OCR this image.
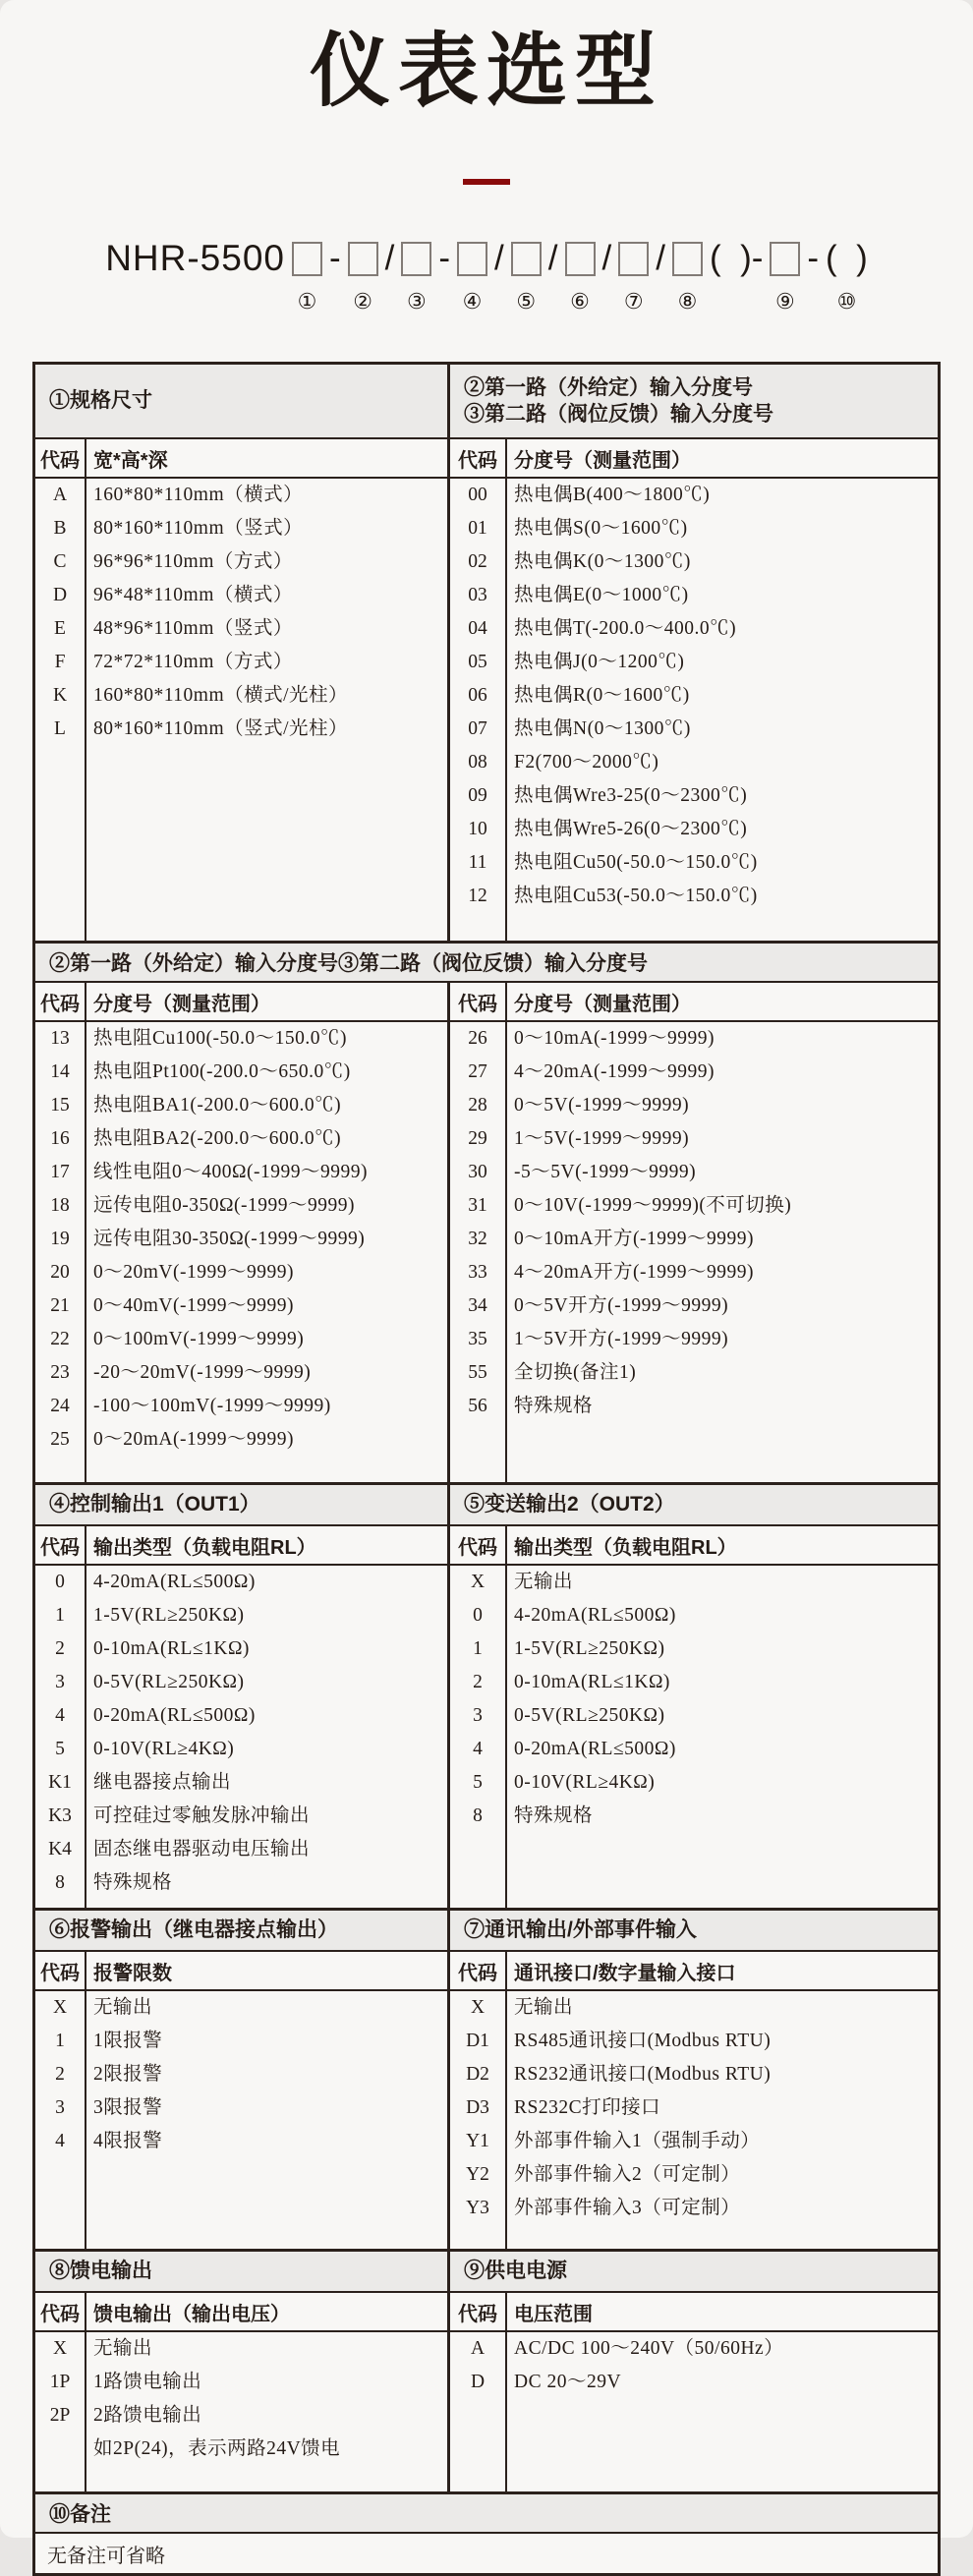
仪表选型
NHR-5500
①
-
②
/
③
-
④
/
⑤
/
⑥
/
⑦
/
⑧
(  )-
⑨
- (  )
⑩
①规格尺寸
②第一路（外给定）输入分度号
③第二路（阀位反馈）输入分度号
代码 宽*高*深
A	160*80*110mm（横式）
B	80*160*110mm（竖式）
C	96*96*110mm（方式）
D	96*48*110mm（横式）
E	48*96*110mm（竖式）
F	72*72*110mm（方式）
K	160*80*110mm（横式/光柱）
L	80*160*110mm（竖式/光柱）
代码 分度号（测量范围）
00	热电偶B(400～1800℃)
01	热电偶S(0～1600℃)
02	热电偶K(0～1300℃)
03	热电偶E(0～1000℃)
04	热电偶T(-200.0～400.0℃)
05	热电偶J(0～1200℃)
06	热电偶R(0～1600℃)
07	热电偶N(0～1300℃)
08	F2(700～2000℃)
09	热电偶Wre3-25(0～2300℃)
10	热电偶Wre5-26(0～2300℃)
11	热电阻Cu50(-50.0～150.0℃)
12	热电阻Cu53(-50.0～150.0℃)
②第一路（外给定）输入分度号③第二路（阀位反馈）输入分度号
代码 分度号（测量范围）
13	热电阻Cu100(-50.0～150.0℃)
14	热电阻Pt100(-200.0～650.0℃)
15	热电阻BA1(-200.0～600.0℃)
16	热电阻BA2(-200.0～600.0℃)
17	线性电阻0～400Ω(-1999～9999)
18	远传电阻0-350Ω(-1999～9999)
19	远传电阻30-350Ω(-1999～9999)
20	0～20mV(-1999～9999)
21	0～40mV(-1999～9999)
22	0～100mV(-1999～9999)
23	-20～20mV(-1999～9999)
24	-100～100mV(-1999～9999)
25	0～20mA(-1999～9999)
代码 分度号（测量范围）
26	0～10mA(-1999～9999)
27	4～20mA(-1999～9999)
28	0～5V(-1999～9999)
29	1～5V(-1999～9999)
30	-5～5V(-1999～9999)
31	0～10V(-1999～9999)(不可切换)
32	0～10mA开方(-1999～9999)
33	4～20mA开方(-1999～9999)
34	0～5V开方(-1999～9999)
35	1～5V开方(-1999～9999)
55	全切换(备注1)
56	特殊规格
④控制输出1（OUT1）	⑤变送输出2（OUT2）
代码 输出类型（负载电阻RL）
0	4-20mA(RL≤500Ω)
1	1-5V(RL≥250KΩ)
2	0-10mA(RL≤1KΩ)
3	0-5V(RL≥250KΩ)
4	0-20mA(RL≤500Ω)
5	0-10V(RL≥4KΩ)
K1	继电器接点输出
K3	可控硅过零触发脉冲输出
K4	固态继电器驱动电压输出
8	特殊规格
代码 输出类型（负载电阻RL）
X	无输出
0	4-20mA(RL≤500Ω)
1	1-5V(RL≥250KΩ)
2	0-10mA(RL≤1KΩ)
3	0-5V(RL≥250KΩ)
4	0-20mA(RL≤500Ω)
5	0-10V(RL≥4KΩ)
8	特殊规格
⑥报警输出（继电器接点输出）	⑦通讯输出/外部事件输入
代码 报警限数
X	无输出
1	1限报警
2	2限报警
3	3限报警
4	4限报警
代码 通讯接口/数字量输入接口
X	无输出
D1	RS485通讯接口(Modbus RTU)
D2	RS232通讯接口(Modbus RTU)
D3	RS232C打印接口
Y1	外部事件输入1（强制手动）
Y2	外部事件输入2（可定制）
Y3	外部事件输入3（可定制）
⑧馈电输出	⑨供电电源
代码 馈电输出（输出电压）
X	无输出
1P	1路馈电输出
2P	2路馈电输出
如2P(24)，表示两路24V馈电
代码 电压范围
A	AC/DC 100～240V（50/60Hz）
D	DC 20～29V
⑩备注
无备注可省略
